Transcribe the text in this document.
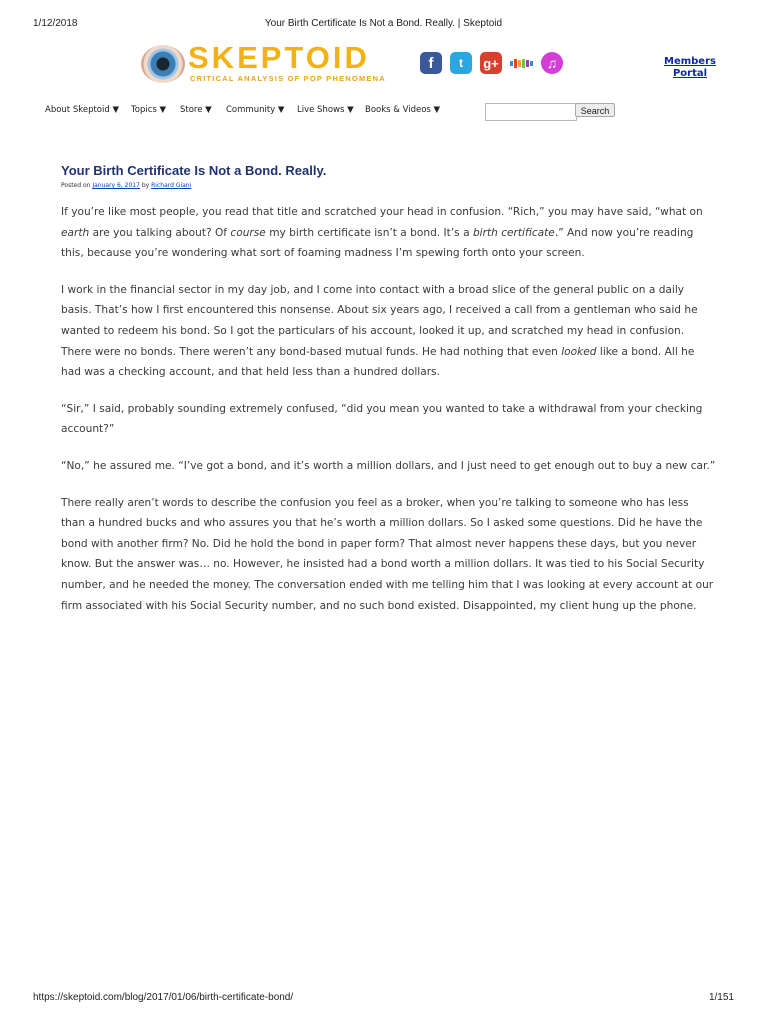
1/12/2018	Your Birth Certificate Is Not a Bond. Really. | Skeptoid
SKEPTOID
CRITICAL ANALYSIS OF POP PHENOMENA
f	t	g+	♫	Members
Portal
About Skeptoid ▼ Topics ▼ Store ▼ Community ▼ Live Shows ▼ Books & Videos ▼	Search
Your Birth Certificate Is Not a Bond. Really.
Posted on January 6, 2017 by Richard Giani

If you’re like most people, you read that title and scratched your head in confusion. “Rich,” you may have said, “what on earth are you talking about? Of course my birth certificate isn’t a bond. It’s a birth certificate.” And now you’re reading this, because you’re wondering what sort of foaming madness I’m spewing forth onto your screen.

I work in the financial sector in my day job, and I come into contact with a broad slice of the general public on a daily basis. That’s how I first encountered this nonsense. About six years ago, I received a call from a gentleman who said he wanted to redeem his bond. So I got the particulars of his account, looked it up, and scratched my head in confusion. There were no bonds. There weren’t any bond-based mutual funds. He had nothing that even looked like a bond. All he had was a checking account, and that held less than a hundred dollars.

“Sir,” I said, probably sounding extremely confused, “did you mean you wanted to take a withdrawal from your checking account?”

“No,” he assured me. “I’ve got a bond, and it’s worth a million dollars, and I just need to get enough out to buy a new car.”

There really aren’t words to describe the confusion you feel as a broker, when you’re talking to someone who has less than a hundred bucks and who assures you that he’s worth a million dollars. So I asked some questions. Did he have the bond with another firm? No. Did he hold the bond in paper form? That almost never happens these days, but you never know. But the answer was… no. However, he insisted had a bond worth a million dollars. It was tied to his Social Security number, and he needed the money. The conversation ended with me telling him that I was looking at every account at our firm associated with his Social Security number, and no such bond existed. Disappointed, my client hung up the phone.

https://skeptoid.com/blog/2017/01/06/birth-certificate-bond/	1/151
